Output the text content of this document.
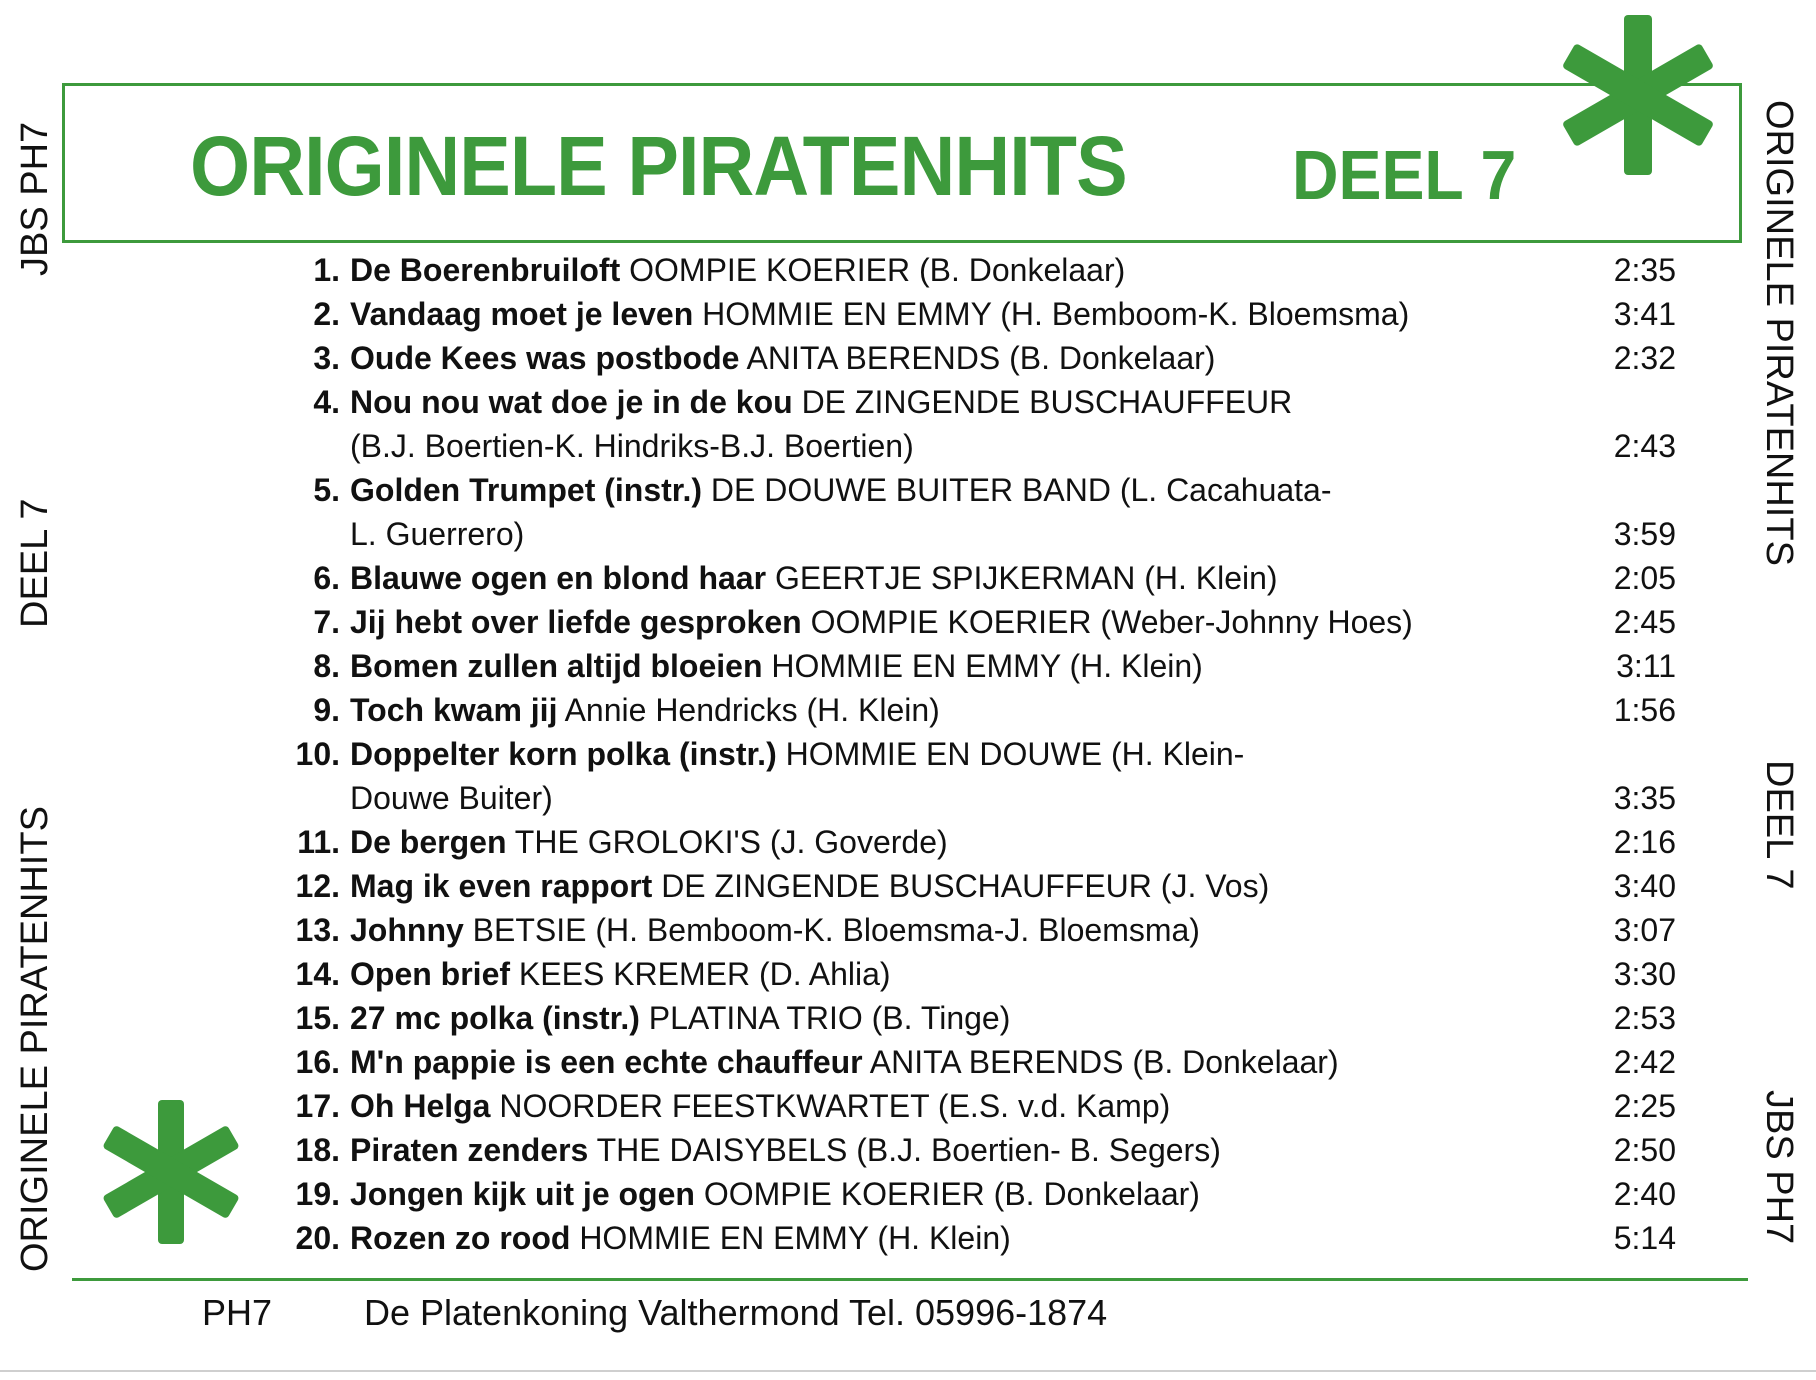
ORIGINELE PIRATENHITS DEEL 7
JBS PH7
DEEL 7
ORIGINELE PIRATENHITS
ORIGINELE PIRATENHITS
DEEL 7
JBS PH7
1. De Boerenbruiloft OOMPIE KOERIER (B. Donkelaar)	2:35
2. Vandaag moet je leven HOMMIE EN EMMY (H. Bemboom-K. Bloemsma)	3:41
3. Oude Kees was postbode ANITA BERENDS (B. Donkelaar)	2:32
4. Nou nou wat doe je in de kou DE ZINGENDE BUSCHAUFFEUR
(B.J. Boertien-K. Hindriks-B.J. Boertien)	2:43
5. Golden Trumpet (instr.) DE DOUWE BUITER BAND (L. Cacahuata-
L. Guerrero)	3:59
6. Blauwe ogen en blond haar GEERTJE SPIJKERMAN (H. Klein)	2:05
7. Jij hebt over liefde gesproken OOMPIE KOERIER (Weber-Johnny Hoes)	2:45
8. Bomen zullen altijd bloeien HOMMIE EN EMMY (H. Klein)	3:11
9. Toch kwam jij Annie Hendricks (H. Klein)	1:56
10. Doppelter korn polka (instr.) HOMMIE EN DOUWE (H. Klein-
Douwe Buiter)	3:35
11. De bergen THE GROLOKI'S (J. Goverde)	2:16
12. Mag ik even rapport DE ZINGENDE BUSCHAUFFEUR (J. Vos)	3:40
13. Johnny BETSIE (H. Bemboom-K. Bloemsma-J. Bloemsma)	3:07
14. Open brief KEES KREMER (D. Ahlia)	3:30
15. 27 mc polka (instr.) PLATINA TRIO (B. Tinge)	2:53
16. M'n pappie is een echte chauffeur ANITA BERENDS (B. Donkelaar)	2:42
17. Oh Helga NOORDER FEESTKWARTET (E.S. v.d. Kamp)	2:25
18. Piraten zenders THE DAISYBELS (B.J. Boertien- B. Segers)	2:50
19. Jongen kijk uit je ogen OOMPIE KOERIER (B. Donkelaar)	2:40
20. Rozen zo rood HOMMIE EN EMMY (H. Klein)	5:14
PH7	De Platenkoning Valthermond Tel. 05996-1874
